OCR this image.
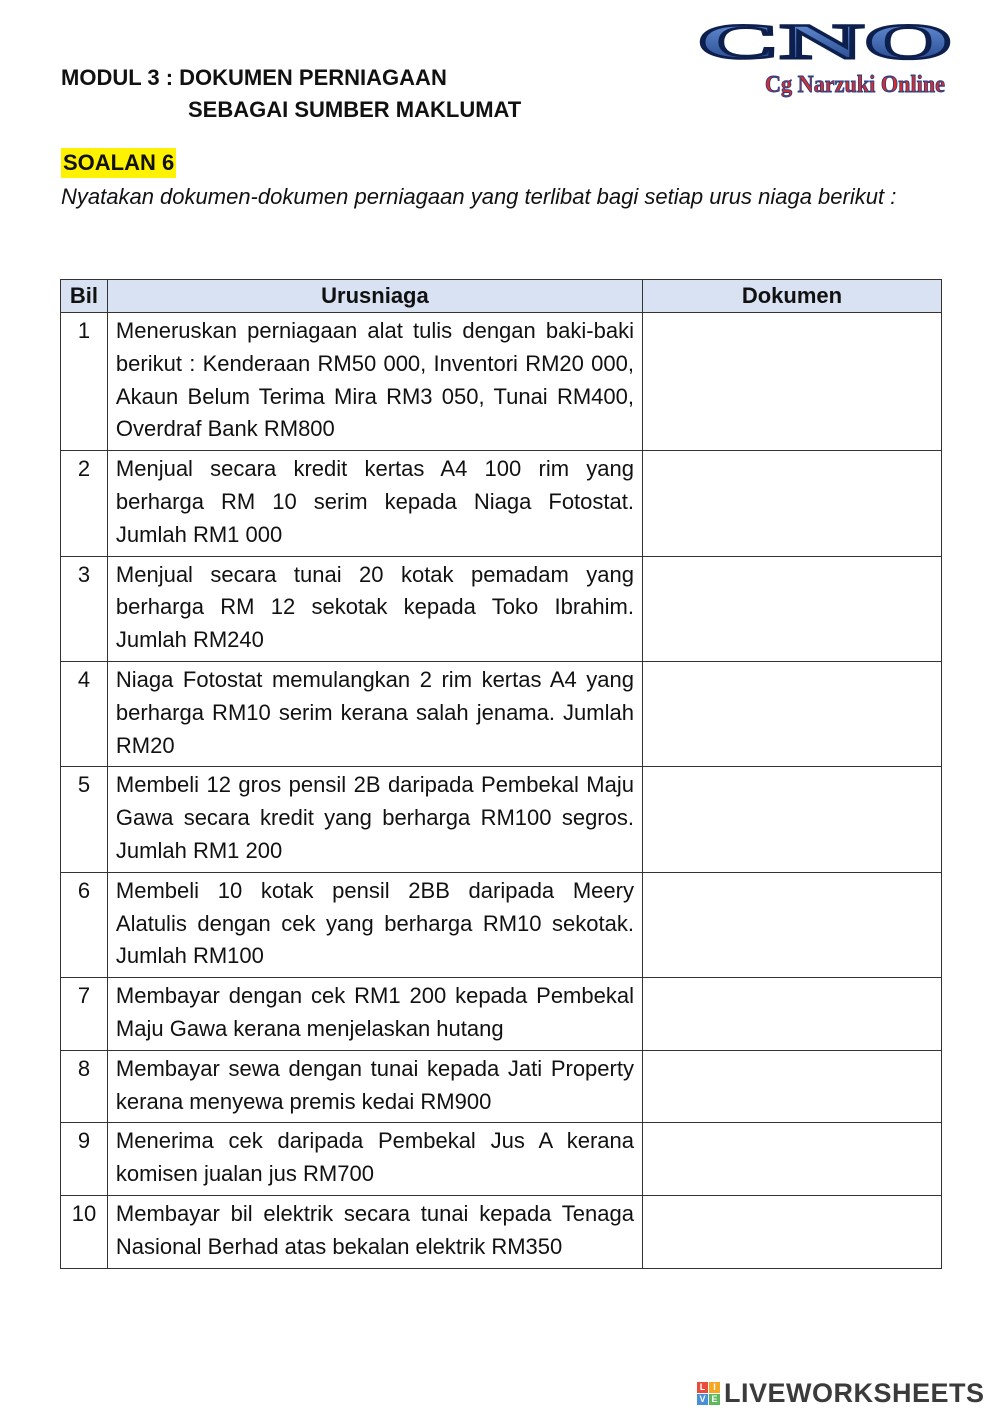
CNO
Cg Narzuki Online
MODUL 3 : DOKUMEN PERNIAGAAN
SEBAGAI SUMBER MAKLUMAT
SOALAN 6
Nyatakan dokumen-dokumen perniagaan yang terlibat bagi setiap urus niaga berikut :
Bil	Urusniaga	Dokumen
1	Meneruskan perniagaan alat tulis dengan baki-baki berikut : Kenderaan RM50 000, Inventori RM20 000, Akaun Belum Terima Mira RM3 050, Tunai RM400, Overdraf Bank RM800	
2	Menjual secara kredit kertas A4 100 rim yang berharga RM 10 serim kepada Niaga Fotostat. Jumlah RM1 000	
3	Menjual secara tunai 20 kotak pemadam yang berharga RM 12 sekotak kepada Toko Ibrahim. Jumlah RM240	
4	Niaga Fotostat memulangkan 2 rim kertas A4 yang berharga RM10 serim kerana salah jenama. Jumlah RM20	
5	Membeli 12 gros pensil 2B daripada Pembekal Maju Gawa secara kredit yang berharga RM100 segros. Jumlah RM1 200	
6	Membeli 10 kotak pensil 2BB daripada Meery Alatulis dengan cek yang berharga RM10 sekotak. Jumlah RM100	
7	Membayar dengan cek RM1 200 kepada Pembekal Maju Gawa kerana menjelaskan hutang	
8	Membayar sewa dengan tunai kepada Jati Property kerana menyewa premis kedai RM900	
9	Menerima cek daripada Pembekal Jus A kerana komisen jualan jus RM700	
10	Membayar bil elektrik secara tunai kepada Tenaga Nasional Berhad atas bekalan elektrik RM350	
L I
V E LIVEWORKSHEETS
